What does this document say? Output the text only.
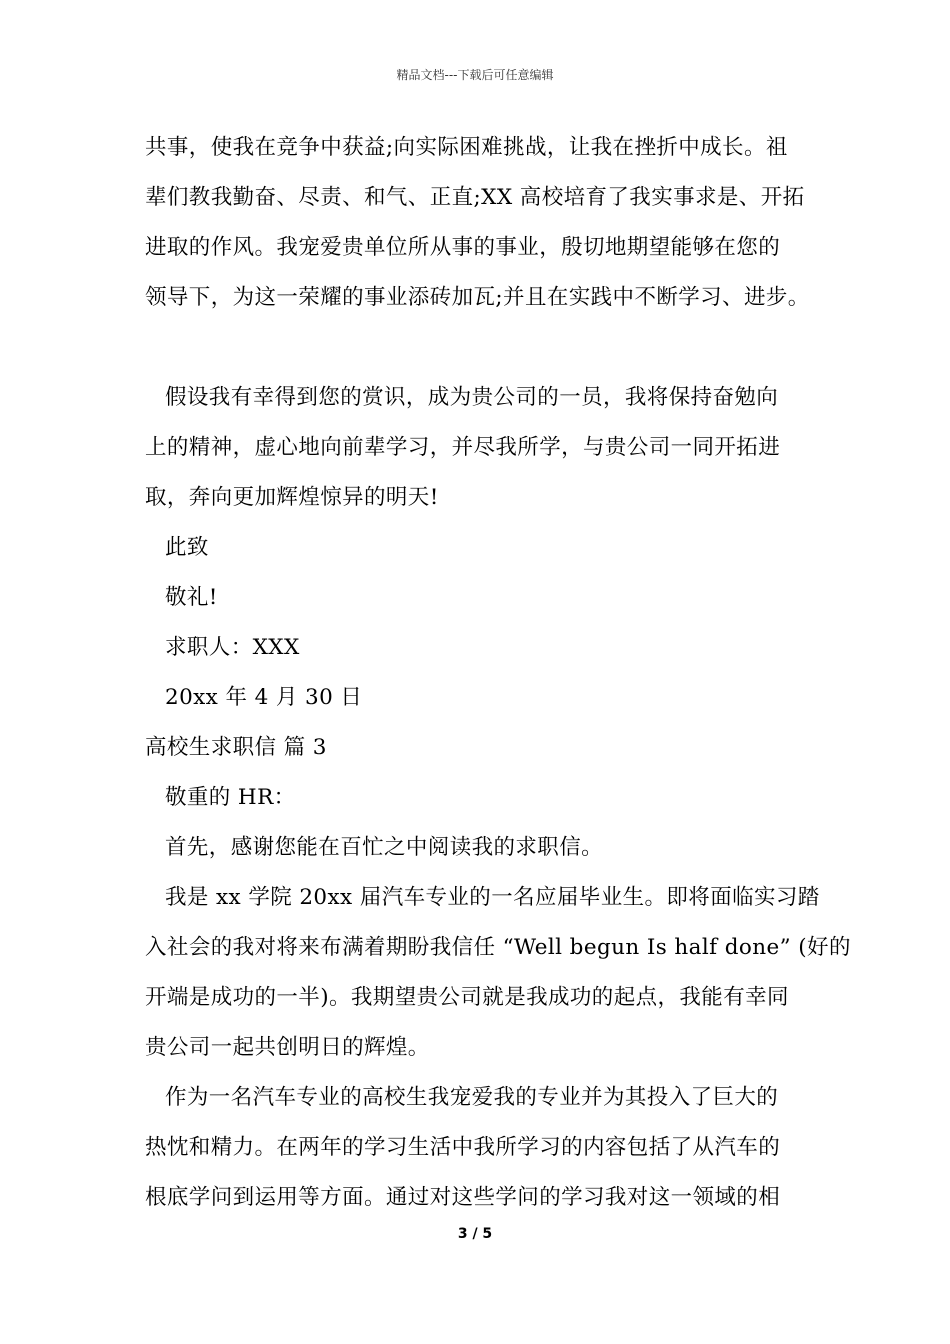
精品文档---下载后可任意编辑
共事，使我在竞争中获益;向实际困难挑战，让我在挫折中成长。祖
辈们教我勤奋、尽责、和气、正直;XX 高校培育了我实事求是、开拓
进取的作风。我宠爱贵单位所从事的事业，殷切地期望能够在您的
领导下，为这一荣耀的事业添砖加瓦;并且在实践中不断学习、进步。
假设我有幸得到您的赏识，成为贵公司的一员，我将保持奋勉向
上的精神，虚心地向前辈学习，并尽我所学，与贵公司一同开拓进
取，奔向更加辉煌惊异的明天!
此致
敬礼!
求职人：XXX
20xx 年 4 月 30 日
高校生求职信 篇 3
敬重的 HR：
首先，感谢您能在百忙之中阅读我的求职信。
我是 xx 学院 20xx 届汽车专业的一名应届毕业生。即将面临实习踏
入社会的我对将来布满着期盼我信任 “Well begun Is half done” (好的
开端是成功的一半)。我期望贵公司就是我成功的起点，我能有幸同
贵公司一起共创明日的辉煌。
作为一名汽车专业的高校生我宠爱我的专业并为其投入了巨大的
热忱和精力。在两年的学习生活中我所学习的内容包括了从汽车的
根底学问到运用等方面。通过对这些学问的学习我对这一领域的相
3 / 5
